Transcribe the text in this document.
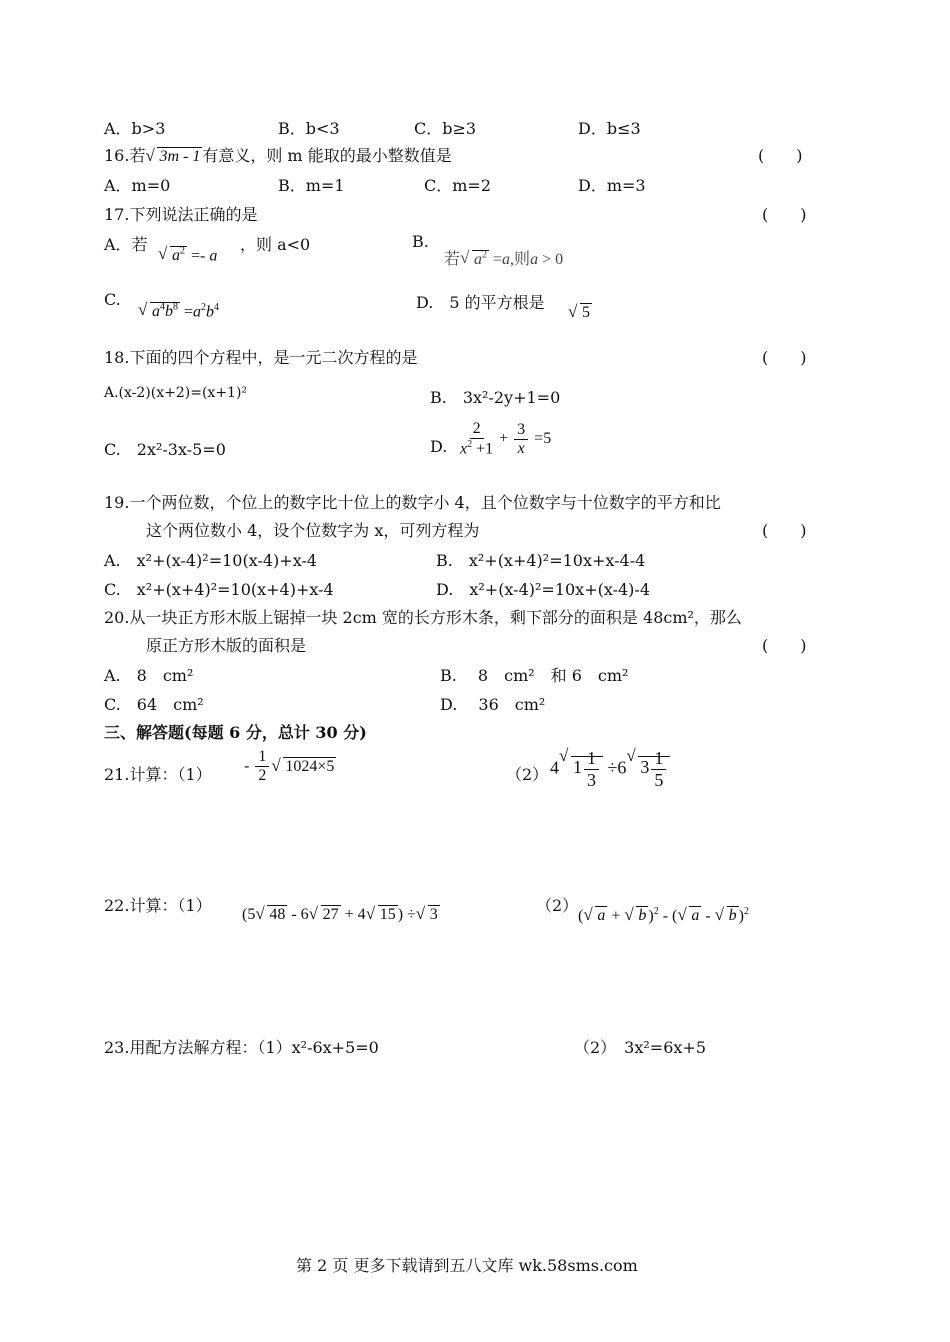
A．b>3	B．b<3	C．b≥3	D．b≤3
16.若√ 3m - 1 有意义，则 m 能取的最小整数值是	(　　)
A．m=0	B．m=1	C．m=2	D．m=3
17.下列说法正确的是	(　　)
A．若
√ $a^2 =- a$
，则 a<0	B.
若√ $a^2 =a$,则a > 0
C.
√ $a^4b^8 =a^2b^4$	D.　5 的平方根是
√ 5
18.下面的四个方程中，是一元二次方程的是	(　　)
A.(x-2)(x+2)=(x+1)²	B.　3x²-2y+1=0
C.　2x²-3x-5=0	D. $\frac{2}{x^2 +1} + \frac{3}{x} =5$
19.一个两位数，个位上的数字比十位上的数字小 4，且个位数字与十位数字的平方和比
这个两位数小 4，设个位数字为 x，可列方程为	(　　)
A.　x²+(x-4)²=10(x-4)+x-4	B.　x²+(x+4)²=10x+x-4-4
C.　x²+(x+4)²=10(x+4)+x-4	D.　x²+(x-4)²=10x+(x-4)-4
20.从一块正方形木版上锯掉一块 2cm 宽的长方形木条，剩下部分的面积是 48cm²，那么
原正方形木版的面积是	(　　)
A.　8　cm²	B.　 8　cm²　和 6　cm²
C.　64　cm²	D.　 36　cm²
三、解答题(每题 6 分，总计 30 分)
21.计算：$(1) - \frac{1}{2}$
√ 1024×5	（2） 4√ $1 \frac{1}{3} \div 6√$ $3 \frac{1}{5}$
22.计算：（1） (5√ 48 - 6√ 27 + 4√ 15 ) ÷√ 3	（2）
(√ a + √ b )$^2$ - (√ a - √ b )$^2$
23.用配方法解方程：（1）x²-6x+5=0	（2）　3x²=6x+5
第 2 页 更多下载请到五八文库 wk.58sms.com
